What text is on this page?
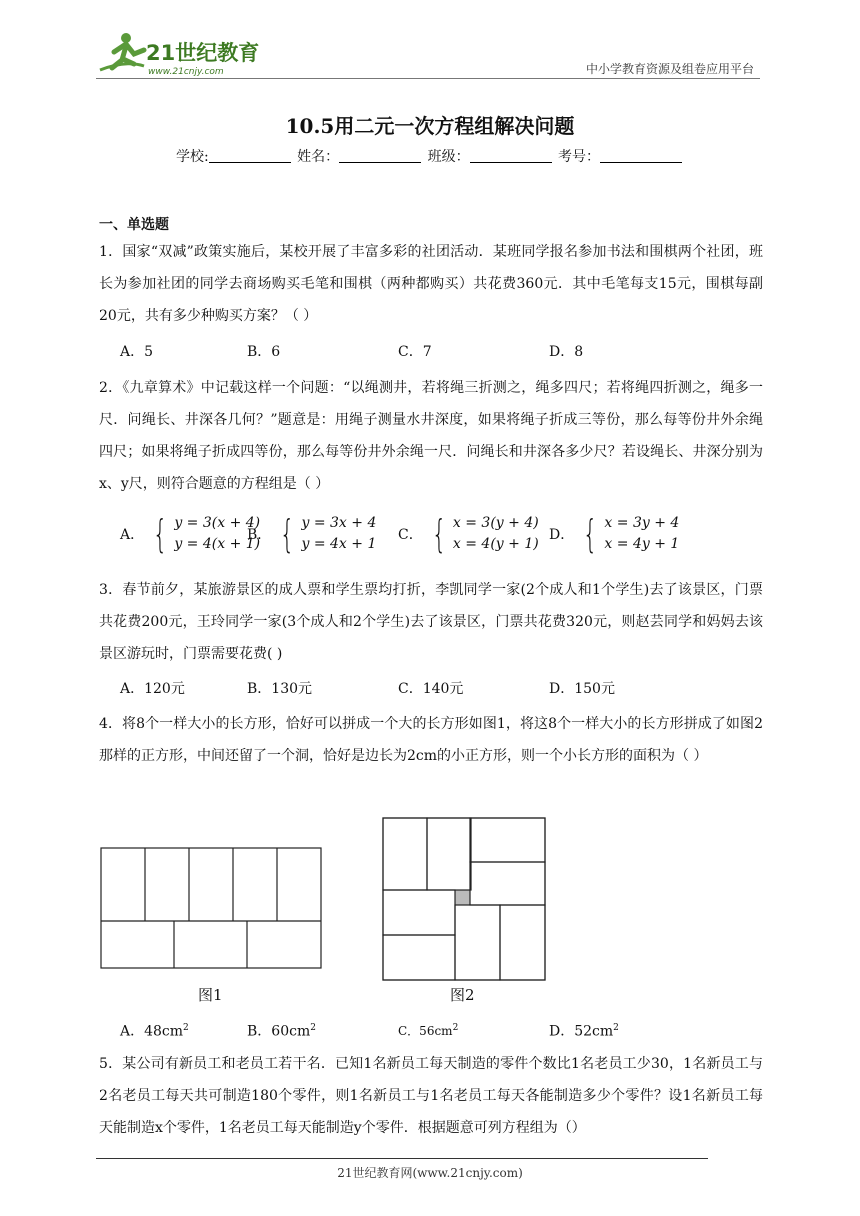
21世纪教育
www.21cnjy.com	中小学教育资源及组卷应用平台
10.5用二元一次方程组解决问题
学校:	姓名：	班级：	考号：
一、单选题
1．国家“双减”政策实施后，某校开展了丰富多彩的社团活动．某班同学报名参加书法和围棋两个社团，班长为参加社团的同学去商场购买毛笔和围棋（两种都购买）共花费360元．其中毛笔每支15元，围棋每副20元，共有多少种购买方案？（ ）
A．5	B．6	C．7	D．8
2．《九章算术》中记载这样一个问题：“以绳测井，若将绳三折测之，绳多四尺；若将绳四折测之，绳多一尺．问绳长、井深各几何？”题意是：用绳子测量水井深度，如果将绳子折成三等份，那么每等份井外余绳四尺；如果将绳子折成四等份，那么每等份井外余绳一尺．问绳长和井深各多少尺？若设绳长、井深分别为x、y尺，则符合题意的方程组是（ ）
A． { y = 3(x + 4)
y = 4(x + 1)
B． { y = 3x + 4
y = 4x + 1
C． { x = 3(y + 4)
x = 4(y + 1)
D． { x = 3y + 4
x = 4y + 1
3．春节前夕，某旅游景区的成人票和学生票均打折，李凯同学一家(2个成人和1个学生)去了该景区，门票共花费200元，王玲同学一家(3个成人和2个学生)去了该景区，门票共花费320元，则赵芸同学和妈妈去该景区游玩时，门票需要花费( )
A．120元	B．130元	C．140元	D．150元
4．将8个一样大小的长方形，恰好可以拼成一个大的长方形如图1，将这8个一样大小的长方形拼成了如图2那样的正方形，中间还留了一个洞，恰好是边长为2cm的小正方形，则一个小长方形的面积为（ ）
图1	图2
A．$48cm^2$	B．$60cm^2$	C．$56cm^2$	D．$52cm^2$
5．某公司有新员工和老员工若干名．已知1名新员工每天制造的零件个数比1名老员工少30，1名新员工与2名老员工每天共可制造180个零件，则1名新员工与1名老员工每天各能制造多少个零件？设1名新员工每天能制造x个零件，1名老员工每天能制造y个零件．根据题意可列方程组为（）
21世纪教育网(www.21cnjy.com)
